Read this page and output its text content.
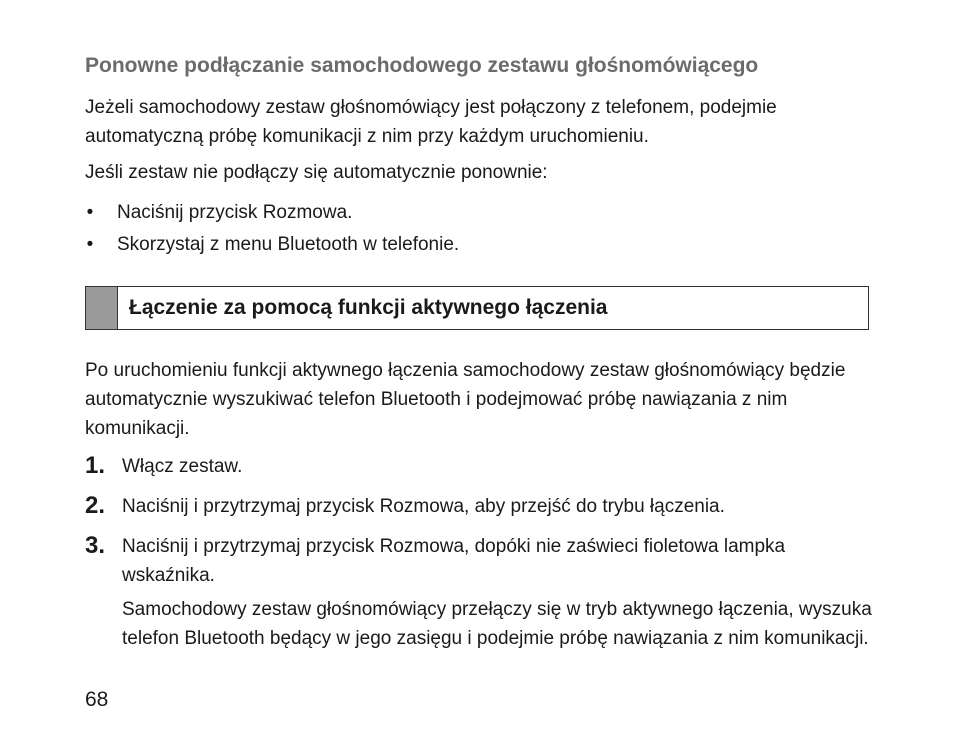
Ponowne podłączanie samochodowego zestawu głośnomówiącego
Jeżeli samochodowy zestaw głośnomówiący jest połączony z telefonem, podejmie automatyczną próbę komunikacji z nim przy każdym uruchomieniu.
Jeśli zestaw nie podłączy się automatycznie ponownie:
• Naciśnij przycisk Rozmowa.
• Skorzystaj z menu Bluetooth w telefonie.
Łączenie za pomocą funkcji aktywnego łączenia
Po uruchomieniu funkcji aktywnego łączenia samochodowy zestaw głośnomówiący będzie automatycznie wyszukiwać telefon Bluetooth i podejmować próbę nawiązania z nim komunikacji.
1. Włącz zestaw.
2. Naciśnij i przytrzymaj przycisk Rozmowa, aby przejść do trybu łączenia.
3. Naciśnij i przytrzymaj przycisk Rozmowa, dopóki nie zaświeci fioletowa lampka wskaźnika.
Samochodowy zestaw głośnomówiący przełączy się w tryb aktywnego łączenia, wyszuka telefon Bluetooth będący w jego zasięgu i podejmie próbę nawiązania z nim komunikacji.
68
